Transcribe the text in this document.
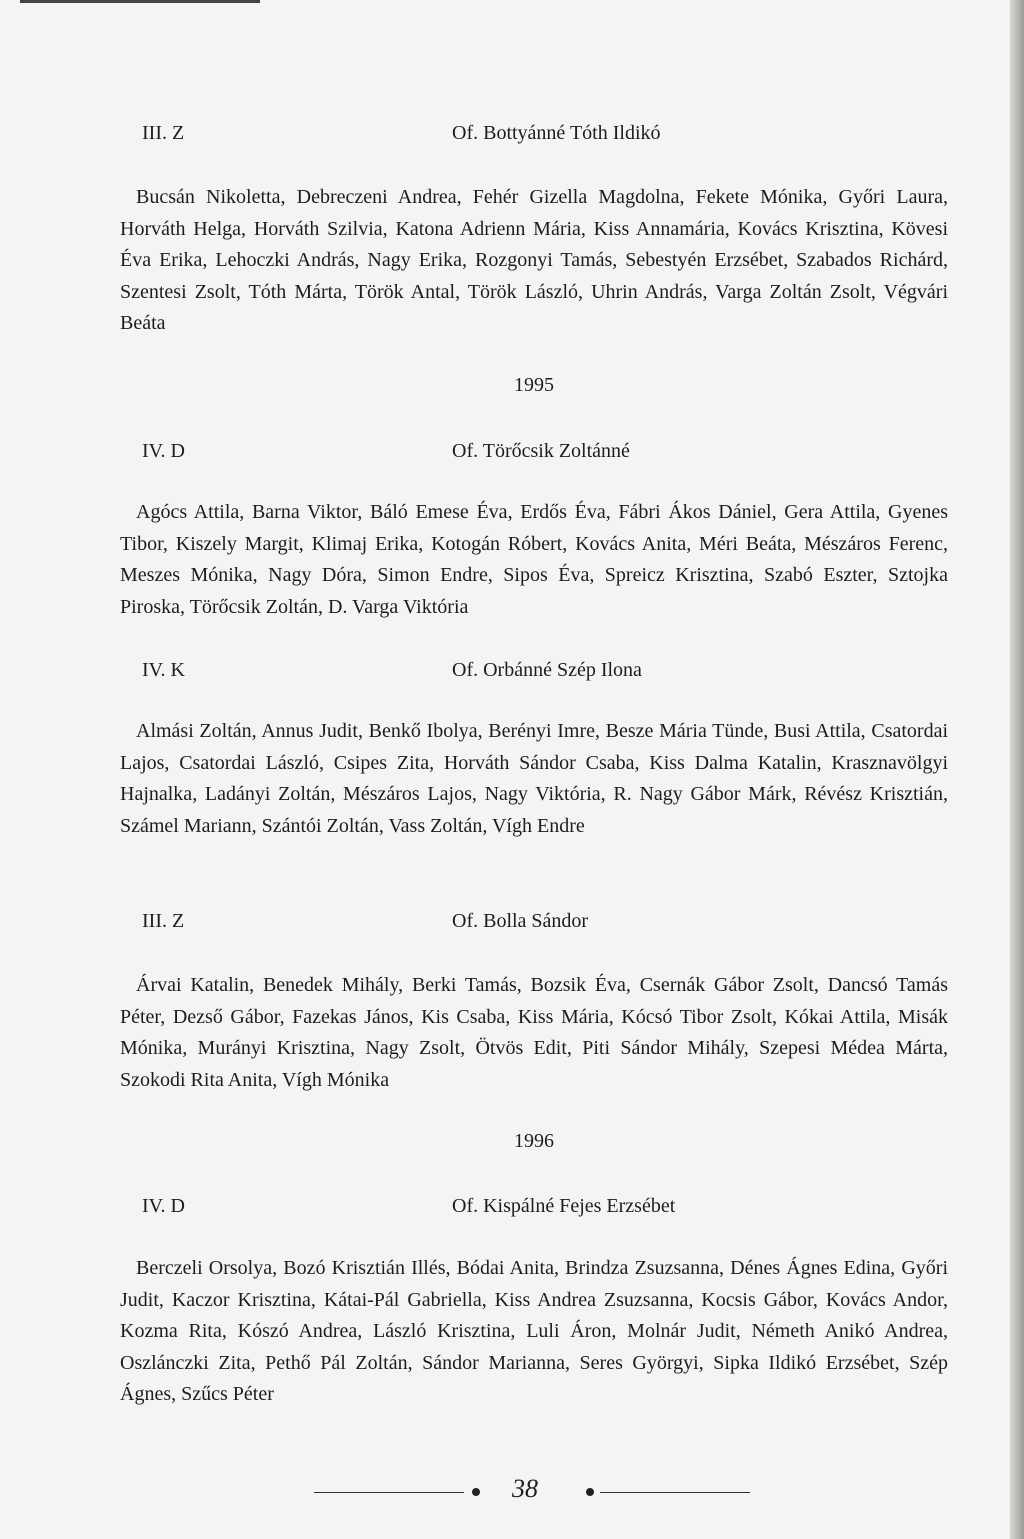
III. Z	Of. Bottyánné Tóth Ildikó

Bucsán Nikoletta, Debreczeni Andrea, Fehér Gizella Magdolna, Fekete Mónika, Győri Laura, Horváth Helga, Horváth Szilvia, Katona Adrienn Mária, Kiss Annamária, Kovács Krisztina, Kövesi Éva Erika, Lehoczki András, Nagy Erika, Rozgonyi Tamás, Sebestyén Erzsébet, Szabados Richárd, Szentesi Zsolt, Tóth Márta, Török Antal, Török László, Uhrin András, Varga Zoltán Zsolt, Végvári Beáta

1995
IV. D	Of. Törőcsik Zoltánné

Agócs Attila, Barna Viktor, Báló Emese Éva, Erdős Éva, Fábri Ákos Dániel, Gera Attila, Gyenes Tibor, Kiszely Margit, Klimaj Erika, Kotogán Róbert, Kovács Anita, Méri Beáta, Mészáros Ferenc, Meszes Mónika, Nagy Dóra, Simon Endre, Sipos Éva, Spreicz Krisztina, Szabó Eszter, Sztojka Piroska, Törőcsik Zoltán, D. Varga Viktória

IV. K	Of. Orbánné Szép Ilona

Almási Zoltán, Annus Judit, Benkő Ibolya, Berényi Imre, Besze Mária Tünde, Busi Attila, Csatordai Lajos, Csatordai László, Csipes Zita, Horváth Sándor Csaba, Kiss Dalma Katalin, Krasznavölgyi Hajnalka, Ladányi Zoltán, Mészáros Lajos, Nagy Viktória, R. Nagy Gábor Márk, Révész Krisztián, Számel Mariann, Szántói Zoltán, Vass Zoltán, Vígh Endre

III. Z	Of. Bolla Sándor

Árvai Katalin, Benedek Mihály, Berki Tamás, Bozsik Éva, Csernák Gábor Zsolt, Dancsó Tamás Péter, Dezső Gábor, Fazekas János, Kis Csaba, Kiss Mária, Kócsó Tibor Zsolt, Kókai Attila, Misák Mónika, Murányi Krisztina, Nagy Zsolt, Ötvös Edit, Piti Sándor Mihály, Szepesi Médea Márta, Szokodi Rita Anita, Vígh Mónika

1996
IV. D	Of. Kispálné Fejes Erzsébet

Berczeli Orsolya, Bozó Krisztián Illés, Bódai Anita, Brindza Zsuzsanna, Dénes Ágnes Edina, Győri Judit, Kaczor Krisztina, Kátai-Pál Gabriella, Kiss Andrea Zsuzsanna, Kocsis Gábor, Kovács Andor, Kozma Rita, Kószó Andrea, László Krisztina, Luli Áron, Molnár Judit, Németh Anikó Andrea, Oszlánczki Zita, Pethő Pál Zoltán, Sándor Marianna, Seres Györgyi, Sipka Ildikó Erzsébet, Szép Ágnes, Szűcs Péter

38
